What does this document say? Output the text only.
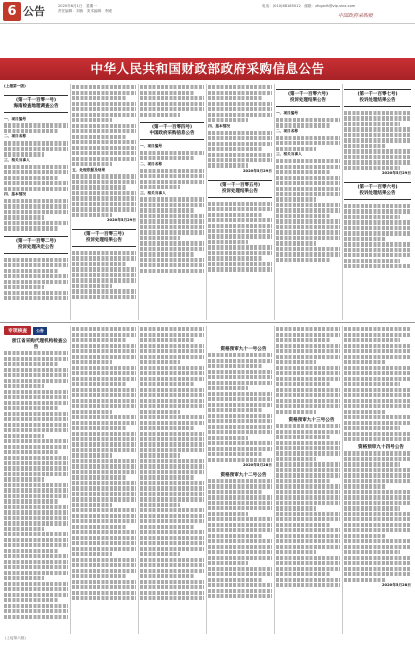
6 公告	2020年6月1日　星期一
责任编辑：刘蓉　美术编辑：李媛
电话：(010)68185012　邮箱：zfcgzdh@vip.sina.com
中国政府采购报
中华人民共和国财政部政府采购信息公告

(上接第一版)

(第一千一百零一号)
海南检查地理调查公告

一、项目编号

二、项目名称

三、相关当事人

四、基本情况

(第一千一百零二号)
投诉处理决定公告

五、处理依据及结果

2020年5月29日

(第一千一百零三号)
投诉处理结果公告
(第一千一百零四号)
中国政府采购信息公告

一、项目编号

二、项目名称

三、相关当事人

四、基本情况

2020年5月29日

(第一千一百零五号)
投诉处理结果公告
(第一千一百零六号)
投诉处理结果公告

一、项目编号

二、项目名称

三、相关当事人

(第一千一百零七号)
投诉处理结果公告

2020年5月29日

(第一千一百零六号)
投诉处理结果公告
专项核查 公告

浙江省采购代理机构检查公告	资格预审九十一号公告

2020年5月28日

资格预审九十二号公告

资格预审九十三号公告

资格预审九十四号公告

2020年5月28日

(上接第六版)
